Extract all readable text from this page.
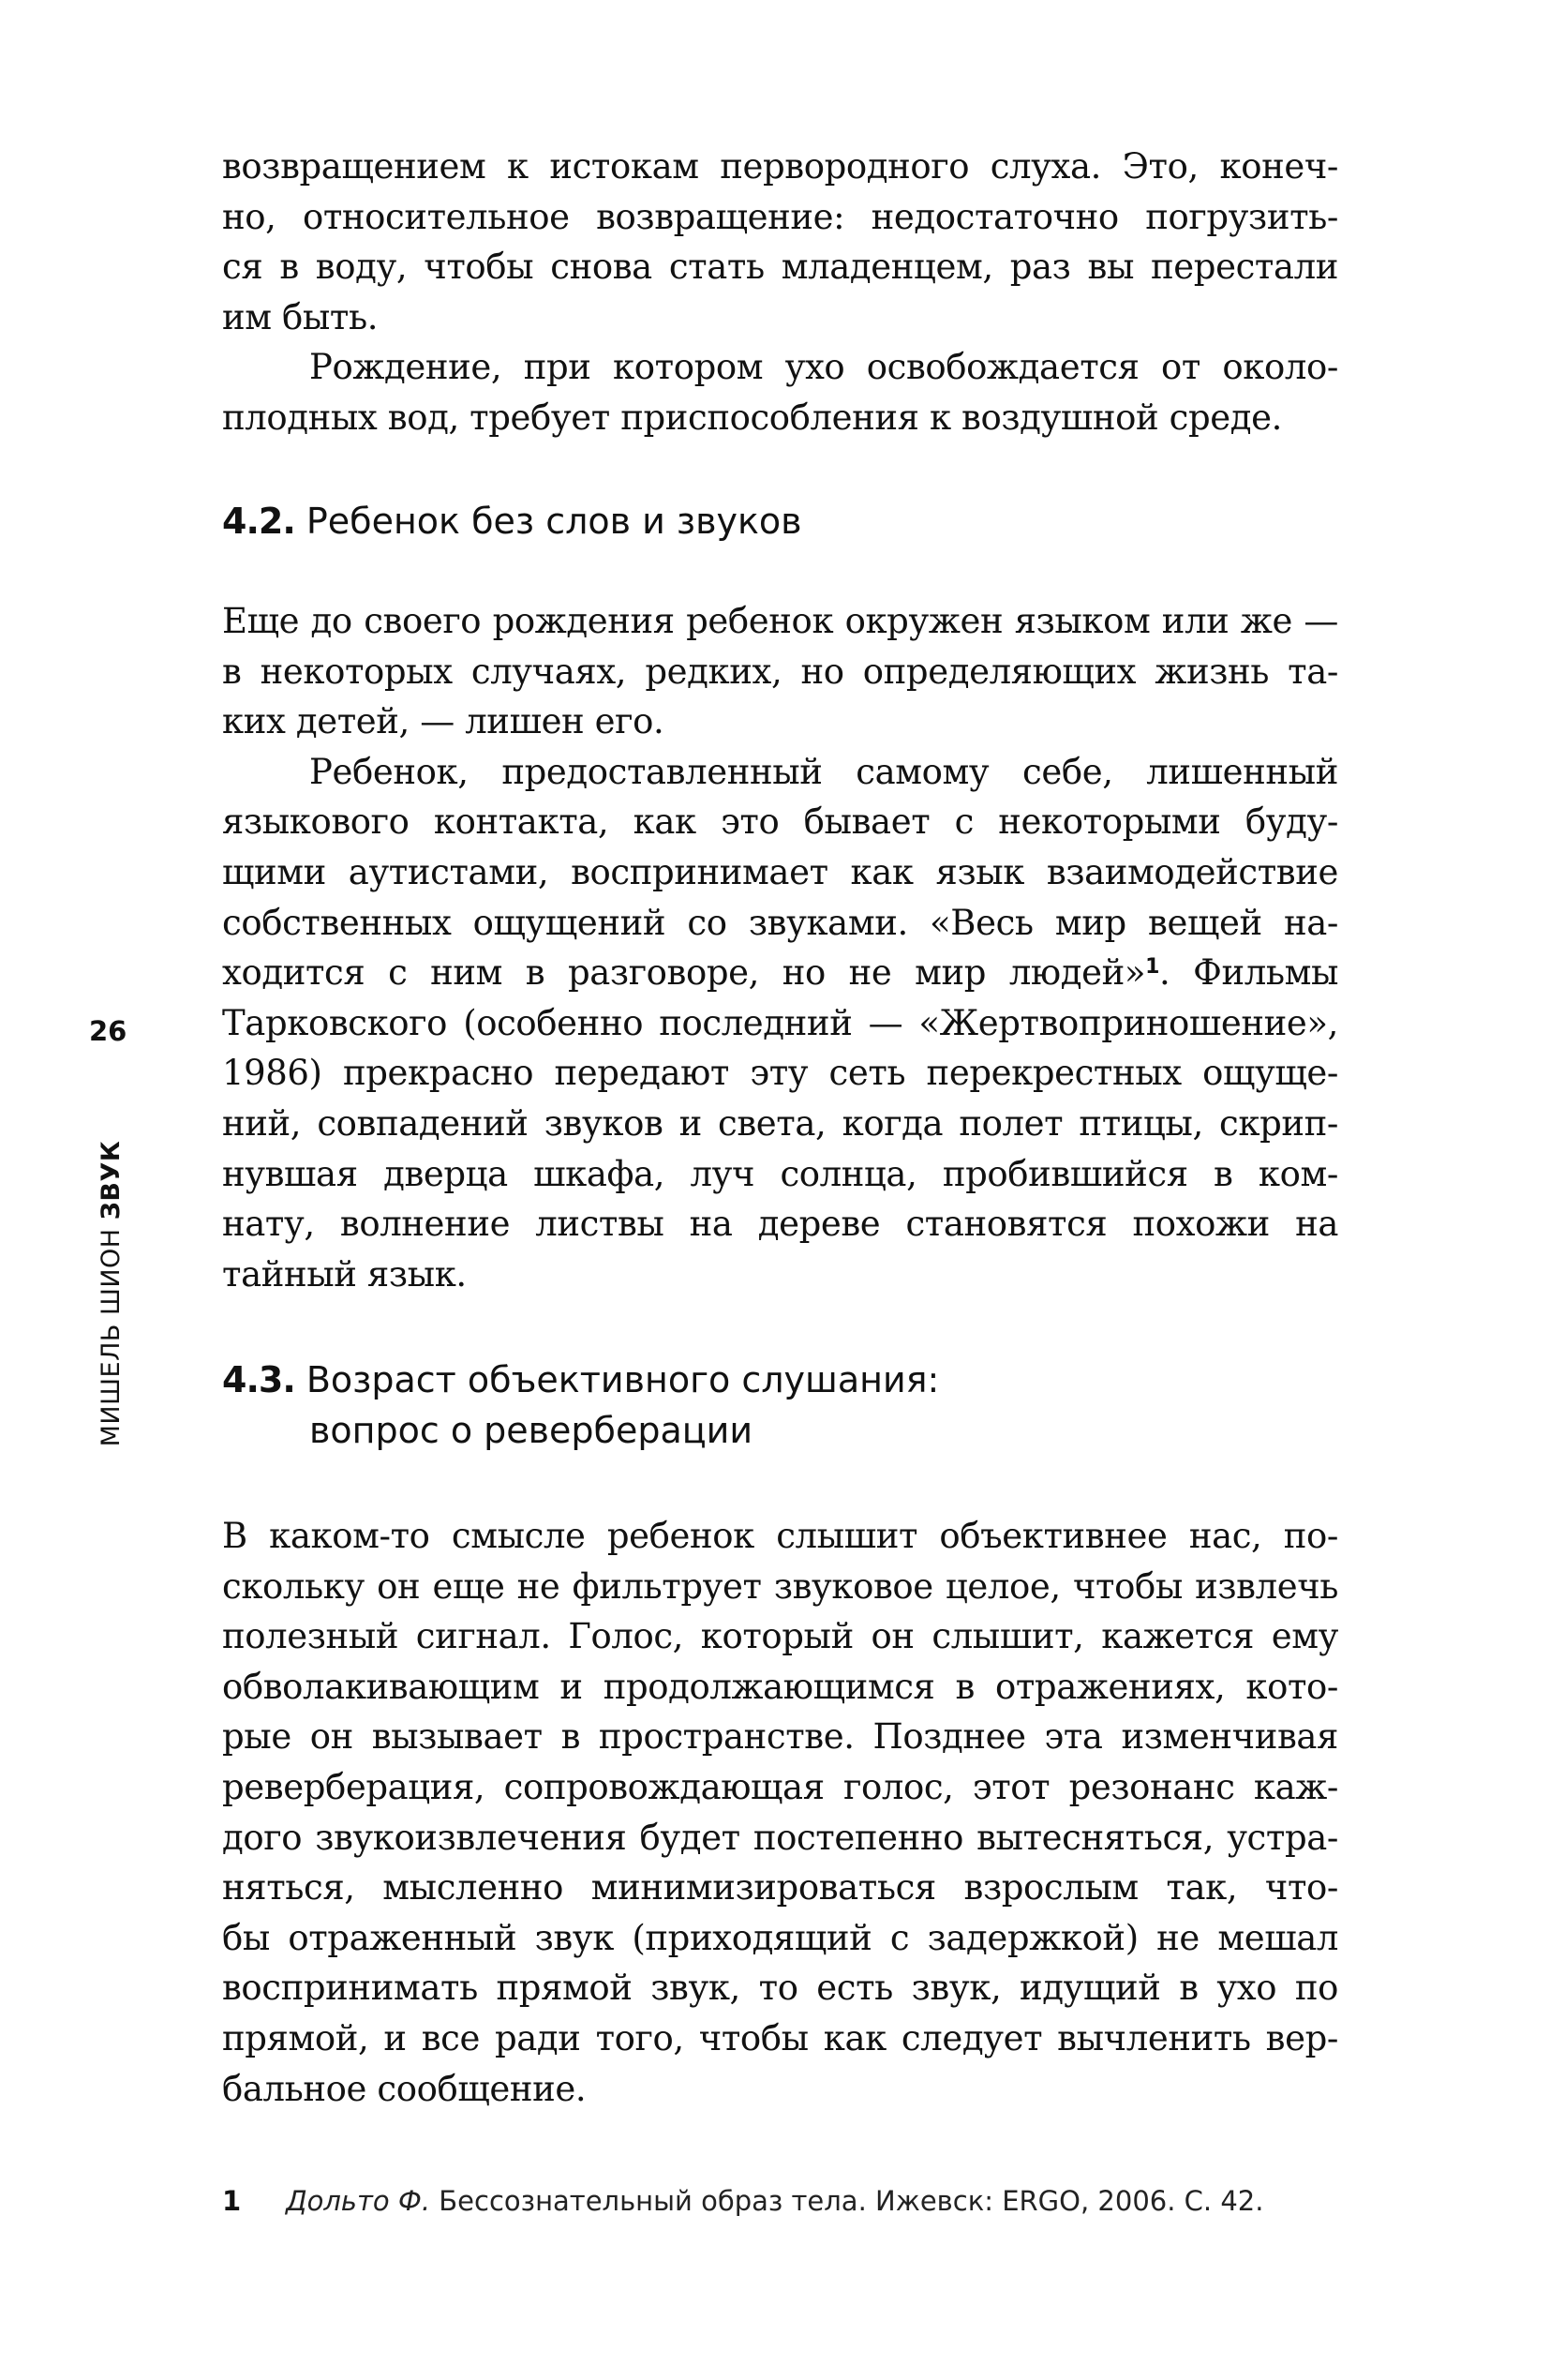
26
МИШЕЛЬ ШИОН ЗВУК
возвращением к истокам первородного слуха. Это, конеч-
но, относительное возвращение: недостаточно погрузить-
ся в воду, чтобы снова стать младенцем, раз вы перестали
им быть.
Рождение, при котором ухо освобождается от около-
плодных вод, требует приспособления к воздушной среде.
4.2. Ребенок без слов и звуков
Еще до своего рождения ребенок окружен языком или же —
в некоторых случаях, редких, но определяющих жизнь та-
ких детей, — лишен его.
Ребенок, предоставленный самому себе, лишенный
языкового контакта, как это бывает с некоторыми буду-
щими аутистами, воспринимает как язык взаимодействие
собственных ощущений со звуками. «Весь мир вещей на-
ходится с ним в разговоре, но не мир людей»$^1$. Фильмы
Тарковского (особенно последний — «Жертвоприношение»,
1986) прекрасно передают эту сеть перекрестных ощуще-
ний, совпадений звуков и света, когда полет птицы, скрип-
нувшая дверца шкафа, луч солнца, пробившийся в ком-
нату, волнение листвы на дереве становятся похожи на
тайный язык.
4.3. Возраст объективного слушания:
вопрос о реверберации
В каком-то смысле ребенок слышит объективнее нас, по-
скольку он еще не фильтрует звуковое целое, чтобы извлечь
полезный сигнал. Голос, который он слышит, кажется ему
обволакивающим и продолжающимся в отражениях, кото-
рые он вызывает в пространстве. Позднее эта изменчивая
реверберация, сопровождающая голос, этот резонанс каж-
дого звукоизвлечения будет постепенно вытесняться, устра-
няться, мысленно минимизироваться взрослым так, что-
бы отраженный звук (приходящий с задержкой) не мешал
воспринимать прямой звук, то есть звук, идущий в ухо по
прямой, и все ради того, чтобы как следует вычленить вер-
бальное сообщение.
1 Дольто Ф. Бессознательный образ тела. Ижевск: ERGO, 2006. С. 42.
